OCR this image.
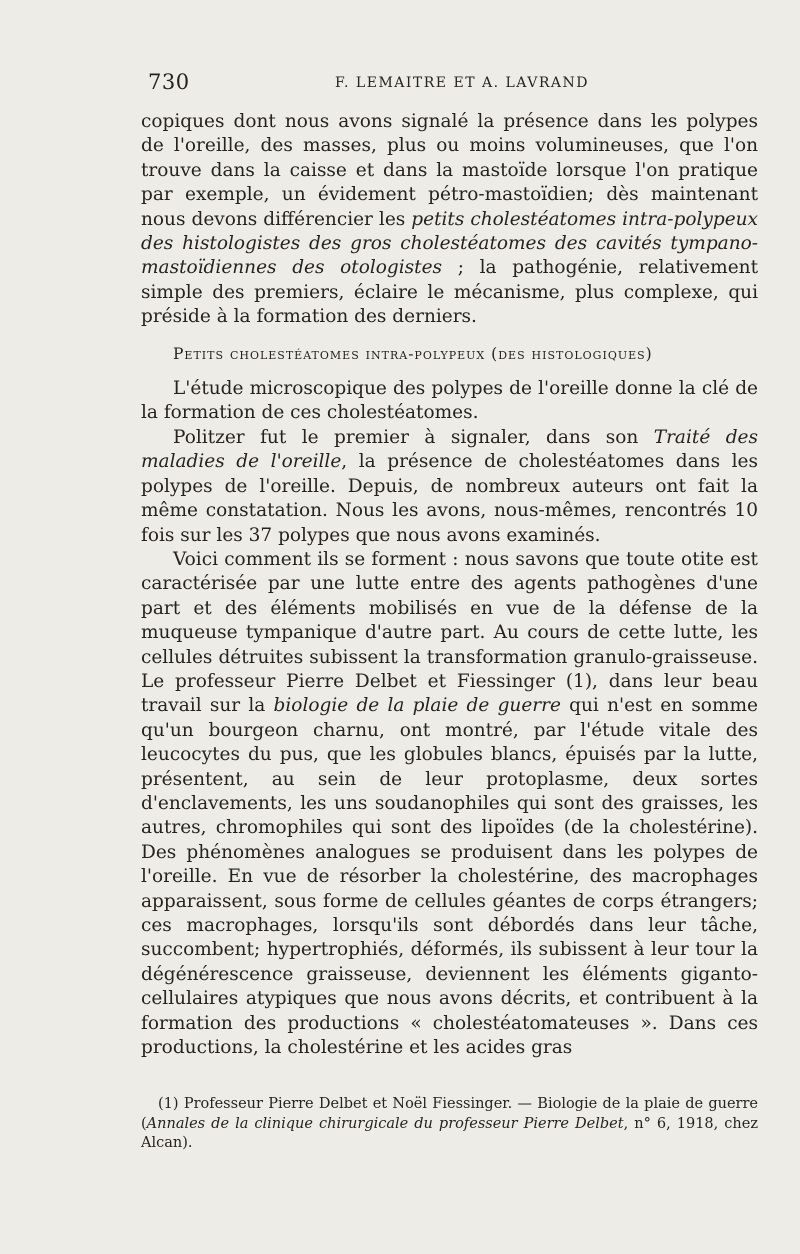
730	F. LEMAITRE ET A. LAVRAND

copiques dont nous avons signalé la présence dans les polypes de l'oreille, des masses, plus ou moins volumineuses, que l'on trouve dans la caisse et dans la mastoïde lorsque l'on pratique par exemple, un évidement pétro-mastoïdien; dès maintenant nous devons différencier les petits cholestéatomes intra-polypeux des histologistes des gros cholestéatomes des cavités tympano-mastoïdiennes des otologistes ; la pathogénie, relativement simple des premiers, éclaire le mécanisme, plus complexe, qui préside à la formation des derniers.

Petits cholestéatomes intra-polypeux (des histologiques)

L'étude microscopique des polypes de l'oreille donne la clé de la formation de ces cholestéatomes.

Politzer fut le premier à signaler, dans son Traité des maladies de l'oreille, la présence de cholestéatomes dans les polypes de l'oreille. Depuis, de nombreux auteurs ont fait la même constatation. Nous les avons, nous-mêmes, rencontrés 10 fois sur les 37 polypes que nous avons examinés.

Voici comment ils se forment : nous savons que toute otite est caractérisée par une lutte entre des agents pathogènes d'une part et des éléments mobilisés en vue de la défense de la muqueuse tympanique d'autre part. Au cours de cette lutte, les cellules détruites subissent la transformation granulo-graisseuse. Le professeur Pierre Delbet et Fiessinger (1), dans leur beau travail sur la biologie de la plaie de guerre qui n'est en somme qu'un bourgeon charnu, ont montré, par l'étude vitale des leucocytes du pus, que les globules blancs, épuisés par la lutte, présentent, au sein de leur protoplasme, deux sortes d'enclavements, les uns soudanophiles qui sont des graisses, les autres, chromophiles qui sont des lipoïdes (de la cholestérine). Des phénomènes analogues se produisent dans les polypes de l'oreille. En vue de résorber la cholestérine, des macrophages apparaissent, sous forme de cellules géantes de corps étrangers; ces macrophages, lorsqu'ils sont débordés dans leur tâche, succombent; hypertrophiés, déformés, ils subissent à leur tour la dégénérescence graisseuse, deviennent les éléments giganto-cellulaires atypiques que nous avons décrits, et contribuent à la formation des productions « cholestéatomateuses ». Dans ces productions, la cholestérine et les acides gras

(1) Professeur Pierre Delbet et Noël Fiessinger. — Biologie de la plaie de guerre (Annales de la clinique chirurgicale du professeur Pierre Delbet, n° 6, 1918, chez Alcan).
